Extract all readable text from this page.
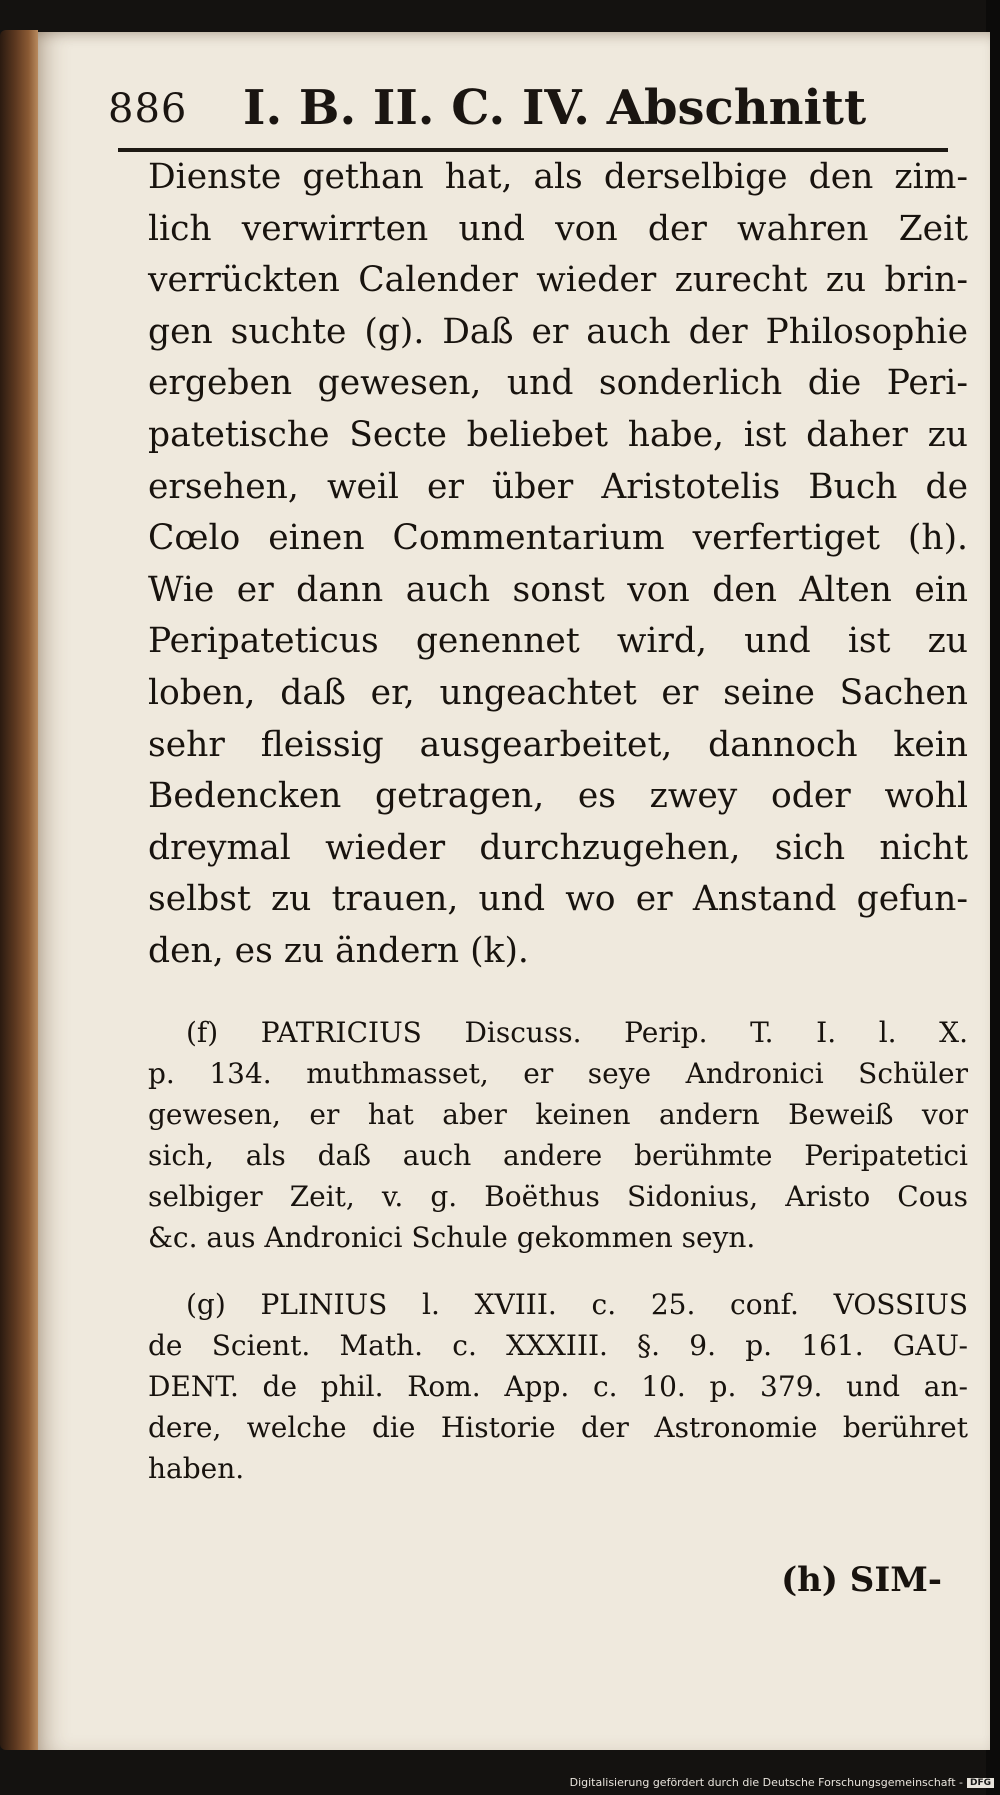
886 I. B. II. C. IV. Abschnitt
Dienste gethan hat, als derselbige den zim-
lich verwirrten und von der wahren Zeit
verrückten Calender wieder zurecht zu brin-
gen suchte (g). Daß er auch der Philosophie
ergeben gewesen, und sonderlich die Peri-
patetische Secte beliebet habe, ist daher zu
ersehen, weil er über Aristotelis Buch de
Cœlo einen Commentarium verfertiget (h).
Wie er dann auch sonst von den Alten ein
Peripateticus genennet wird, und ist zu
loben, daß er, ungeachtet er seine Sachen
sehr fleissig ausgearbeitet, dannoch kein
Bedencken getragen, es zwey oder wohl
dreymal wieder durchzugehen, sich nicht
selbst zu trauen, und wo er Anstand gefun-
den, es zu ändern (k).
(f) PATRICIUS Discuss. Perip. T. I. l. X.
p. 134. muthmasset, er seye Andronici Schüler
gewesen, er hat aber keinen andern Beweiß vor
sich, als daß auch andere berühmte Peripatetici
selbiger Zeit, v. g. Boëthus Sidonius, Aristo Cous
&c. aus Andronici Schule gekommen seyn.
(g) PLINIUS l. XVIII. c. 25. conf. VOSSIUS
de Scient. Math. c. XXXIII. §. 9. p. 161. GAU-
DENT. de phil. Rom. App. c. 10. p. 379. und an-
dere, welche die Historie der Astronomie berühret
haben.
(h) SIM-
Digitalisierung gefördert durch die Deutsche Forschungsgemeinschaft - DFG
